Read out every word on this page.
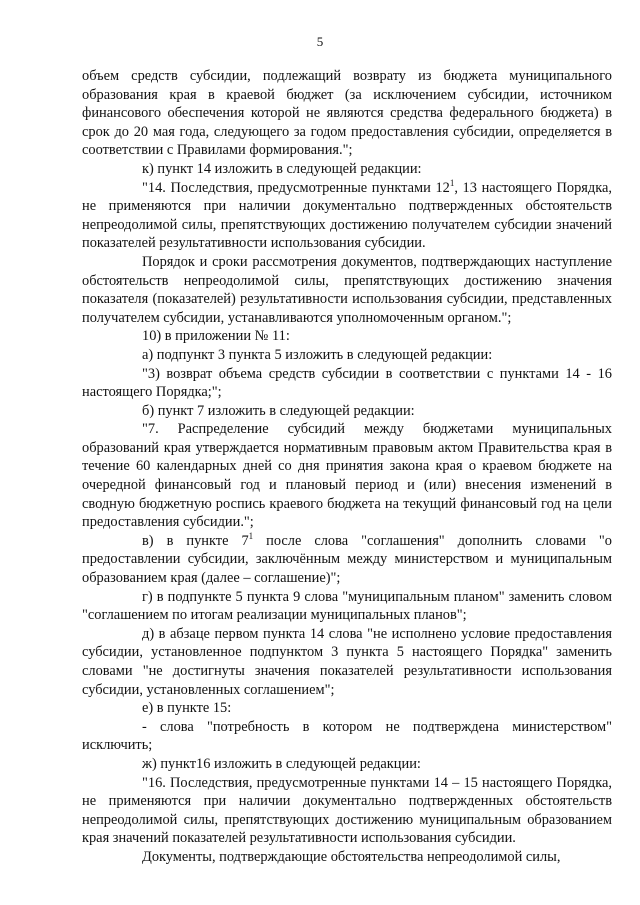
5

объем средств субсидии, подлежащий возврату из бюджета муниципального образования края в краевой бюджет (за исключением субсидии, источником финансового обеспечения которой не являются средства федерального бюджета) в срок до 20 мая года, следующего за годом предоставления субсидии, определяется в соответствии с Правилами формирования.";

к) пункт 14 изложить в следующей редакции:

"14. Последствия, предусмотренные пунктами $12^1$, 13 настоящего Порядка, не применяются при наличии документально подтвержденных обстоятельств непреодолимой силы, препятствующих достижению получателем субсидии значений показателей результативности использования субсидии.

Порядок и сроки рассмотрения документов, подтверждающих наступление обстоятельств непреодолимой силы, препятствующих достижению значения показателя (показателей) результативности использования субсидии, представленных получателем субсидии, устанавливаются уполномоченным органом.";

10) в приложении № 11:

а) подпункт 3 пункта 5 изложить в следующей редакции:

"3) возврат объема средств субсидии в соответствии с пунктами 14 - 16 настоящего Порядка;";

б) пункт 7 изложить в следующей редакции:

"7. Распределение субсидий между бюджетами муниципальных образований края утверждается нормативным правовым актом Правительства края в течение 60 календарных дней со дня принятия закона края о краевом бюджете на очередной финансовый год и плановый период и (или) внесения изменений в сводную бюджетную роспись краевого бюджета на текущий финансовый год на цели предоставления субсидии.";

в) в пункте $7^1$ после слова "соглашения" дополнить словами "о предоставлении субсидии, заключённым между министерством и муниципальным образованием края (далее – соглашение)";

г) в подпункте 5 пункта 9 слова "муниципальным планом" заменить словом "соглашением по итогам реализации муниципальных планов";

д) в абзаце первом пункта 14 слова "не исполнено условие предоставления субсидии, установленное подпунктом 3 пункта 5 настоящего Порядка" заменить словами "не достигнуты значения показателей результативности использования субсидии, установленных соглашением";

е) в пункте 15:

- слова "потребность в котором не подтверждена министерством" исключить;

ж) пункт16 изложить в следующей редакции:

"16. Последствия, предусмотренные пунктами 14 – 15 настоящего Порядка, не применяются при наличии документально подтвержденных обстоятельств непреодолимой силы, препятствующих достижению муниципальным образованием края значений показателей результативности использования субсидии.

Документы, подтверждающие обстоятельства непреодолимой силы,
